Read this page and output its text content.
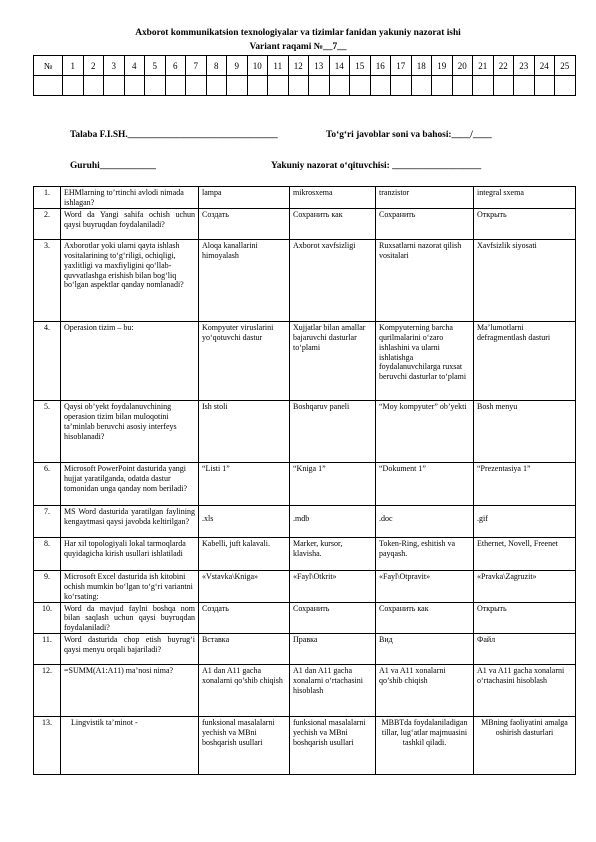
Axborot kommunikatsion texnologiyalar va tizimlar fanidan yakuniy nazorat ishi
Variant raqami №__7__
№	1	2	3	4	5	6	7	8	9	10	11	12	13	14	15	16	17	18	19	20	21	22	23	24	25

Talaba F.I.SH.________________________________	To‘g‘ri javoblar soni va bahosi:____/____
Guruhi____________	Yakuniy nazorat o‘qituvchisi: ___________________
1.	EHMlarning to’rtinchi avlodi nimada ishlagan?	lampa	mikrosxema	tranzistor	integral sxema
2.	Word da Yangi sahifa ochish uchun qaysi buyruqdan foydalaniladi?	Создать	Сохранить как	Сохранить	Открыть
3.	Axborotlar yoki ularni qayta ishlash vositalarining to‘g‘riligi, ochiqligi, yaxlitligi va maxfiyligini qo‘llab-quvvatlashga erishish bilan bog‘liq bo‘lgan aspektlar qanday nomlanadi?	Aloqa kanallarini himoyalash	Axborot xavfsizligi	Ruxsatlarni nazorat qilish vositalari	Xavfsizlik siyosati
4.	Operasion tizim – bu:	Kompyuter viruslarini yo‘qotuvchi dastur	Xujjatlar bilan amallar bajaruvchi dasturlar to‘plami	Kompyuterning barcha qurilmalarini o‘zaro ishlashini va ularni ishlatishga foydalanuvchilarga ruxsat beruvchi dasturlar to‘plami	Ma’lumotlarni defragmentlash dasturi
5.	Qaysi ob’yekt foydalanuvchining operasion tizim bilan muloqotini ta’minlab beruvchi asosiy interfeys hisoblanadi?	Ish stoli	Boshqaruv paneli	“Moy kompyuter” ob’yekti	Bosh menyu
6.	Microsoft PowerPoint dasturida yangi hujjat yaratilganda, odatda dastur tomonidan unga qanday nom beriladi?	“Listi 1”	“Kniga 1”	“Dokument 1”	“Prezentasiya 1”
7.	MS Word dasturida yaratilgan faylining kengaytmasi qaysi javobda keltirilgan?	.xls	.mdb	.doc	.gif
8.	Har xil topologiyali lokal tarmoqlarda quyidagicha kirish usullari ishlatiladi	Kabelli, juft kalavali.	Marker, kursor, klavisha.	Token-Ring, eshitish va payqash.	Ethernet, Novell, Freenet
9.	Microsoft Excel dasturida ish kitobini ochish mumkin bo‘lgan to‘g‘ri variantni ko‘rsating:	«Vstavka\Kniga»	«Fayl\Otkrit»	«Fayl\Otpravit»	«Pravka\Zagruzit»
10.	Word da mavjud faylni boshqa nom bilan saqlash uchun qaysi buyruqdan foydalaniladi?	Создать	Сохранить	Сохранить как	Открыть
11.	Word dasturida chop etish buyrug‘i qaysi menyu orqali bajariladi?	Вставка	Правка	Вид	Файл
12.	=SUMM(A1:A11) ma’nosi nima?	A1 dan A11 gacha xonalarni qo’shib chiqish	A1 dan A11 gacha xonalarni o‘rtachasini hisoblash	A1 va A11 xonalarni qo’shib chiqish	A1 va A11 gacha xonalarni o‘rtachasini hisoblash
13.	Lingvistik ta’minot -	funksional masalalarni yechish va MBni boshqarish usullari	funksional masalalarni yechish va MBni boshqarish usullari	MBBTda foydalaniladigan tillar, lug‘atlar majmuasini tashkil qiladi.	MBning faoliyatini amalga oshirish dasturlari
